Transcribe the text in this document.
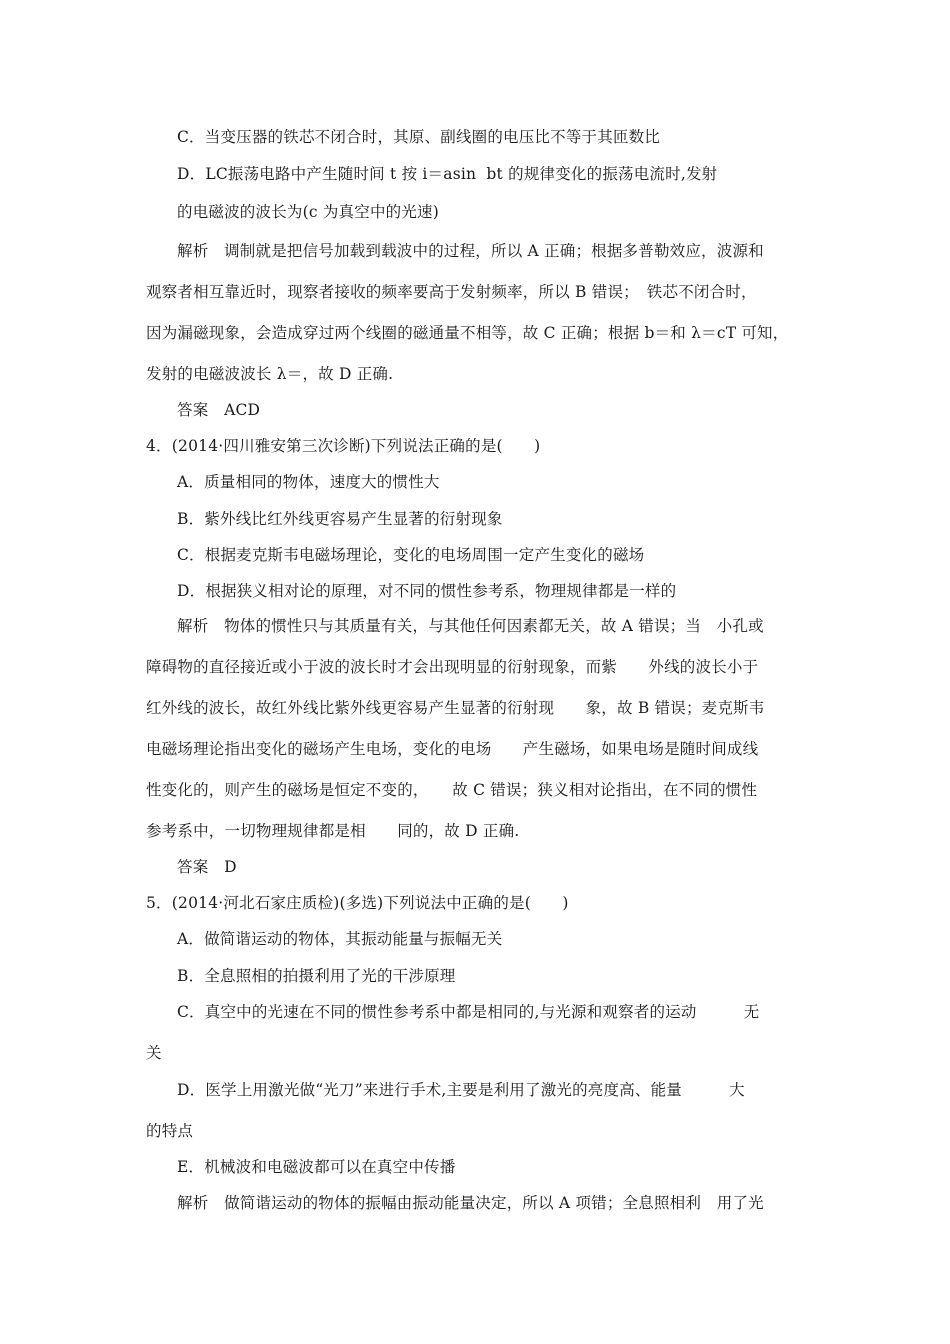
C．当变压器的铁芯不闭合时，其原、副线圈的电压比不等于其匝数比
D．LC振荡电路中产生随时间 t 按 i＝asin  bt 的规律变化的振荡电流时,发射
的电磁波的波长为(c 为真空中的光速)
解析　调制就是把信号加载到载波中的过程，所以 A 正确；根据多普勒效应，波源和
观察者相互靠近时，现察者接收的频率要高于发射频率，所以 B 错误；　铁芯不闭合时，
因为漏磁现象，会造成穿过两个线圈的磁通量不相等，故 C 正确；根据 b＝和 λ＝cT 可知，
发射的电磁波波长 λ＝，故 D 正确.
答案　ACD
4．(2014·四川雅安第三次诊断)下列说法正确的是(　　)
A．质量相同的物体，速度大的惯性大
B．紫外线比红外线更容易产生显著的衍射现象
C．根据麦克斯韦电磁场理论，变化的电场周围一定产生变化的磁场
D．根据狭义相对论的原理，对不同的惯性参考系，物理规律都是一样的
解析　物体的惯性只与其质量有关，与其他任何因素都无关，故 A 错误；当　小孔或
障碍物的直径接近或小于波的波长时才会出现明显的衍射现象，而紫　　外线的波长小于
红外线的波长，故红外线比紫外线更容易产生显著的衍射现　　象，故 B 错误；麦克斯韦
电磁场理论指出变化的磁场产生电场，变化的电场　　产生磁场，如果电场是随时间成线
性变化的，则产生的磁场是恒定不变的，　　故 C 错误；狭义相对论指出，在不同的惯性
参考系中，一切物理规律都是相　　同的，故 D 正确.
答案　D
5．(2014·河北石家庄质检)(多选)下列说法中正确的是(　　)
A．做简谐运动的物体，其振动能量与振幅无关
B．全息照相的拍摄利用了光的干涉原理
C．真空中的光速在不同的惯性参考系中都是相同的,与光源和观察者的运动　　　无
关
D．医学上用激光做“光刀”来进行手术,主要是利用了激光的亮度高、能量　　　大
的特点
E．机械波和电磁波都可以在真空中传播
解析　做简谐运动的物体的振幅由振动能量决定，所以 A 项错；全息照相利　用了光
